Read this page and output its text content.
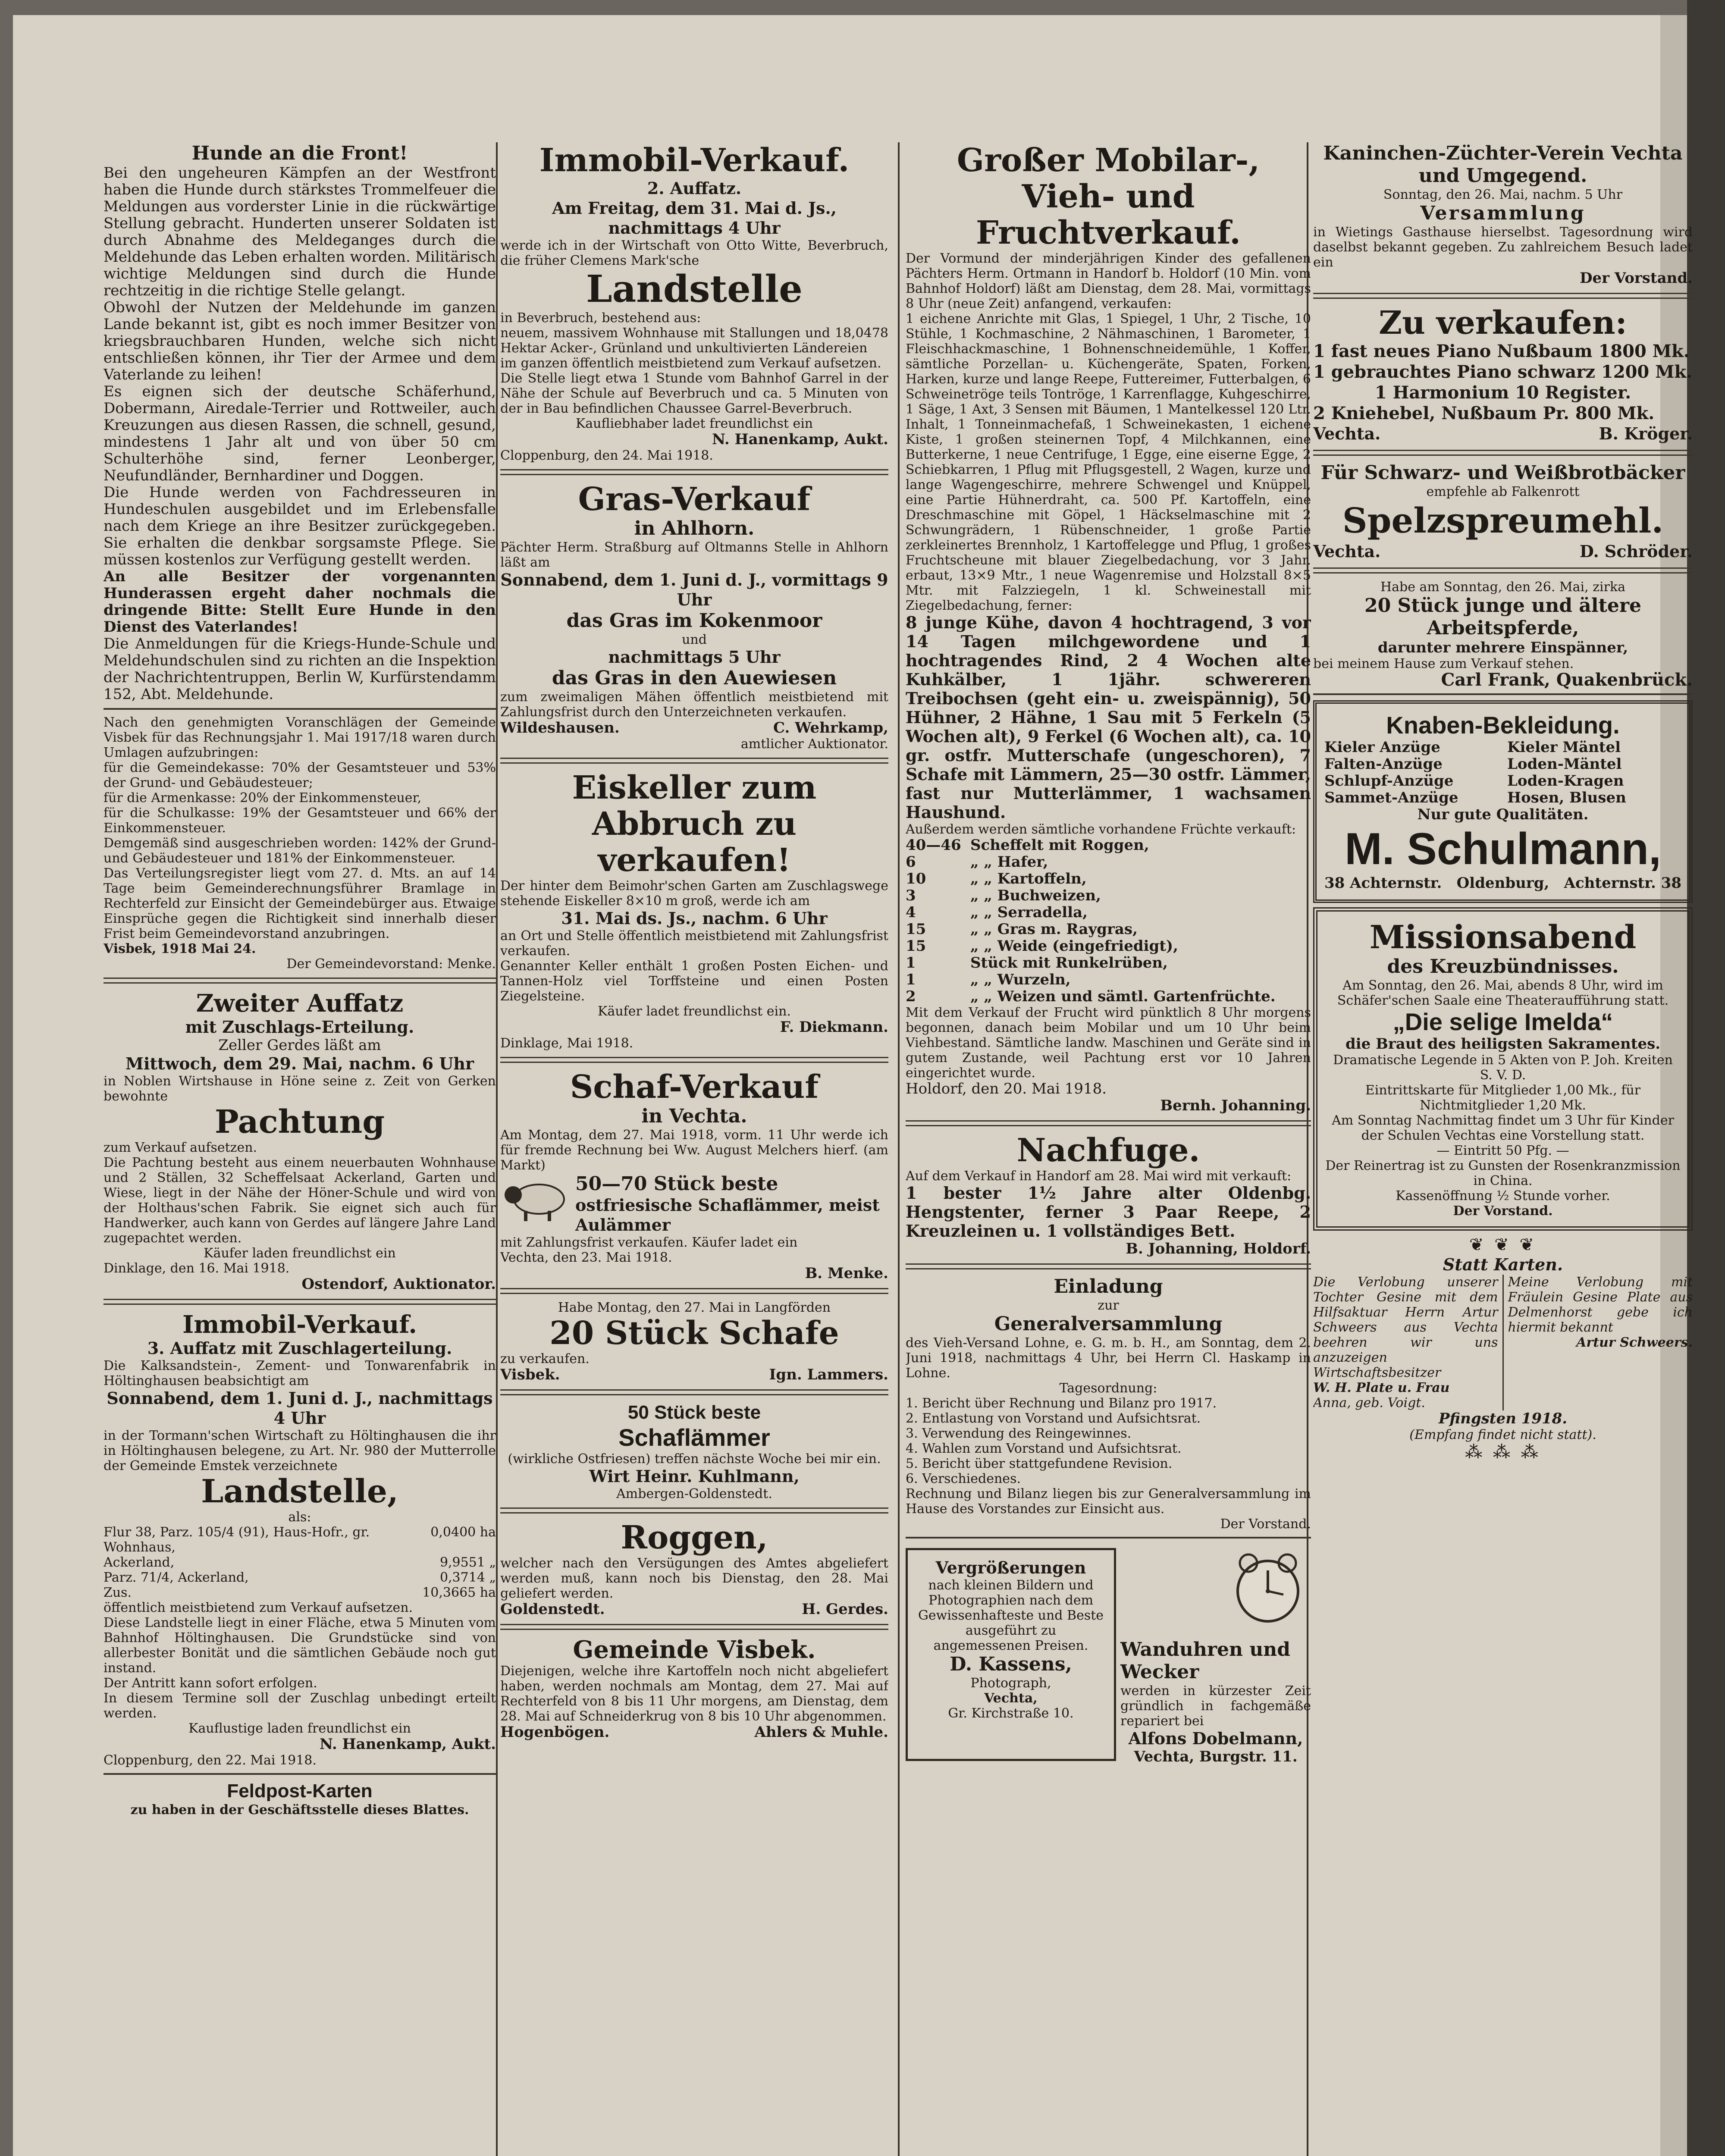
Hunde an die Front!

Bei den ungeheuren Kämpfen an der Westfront haben die Hunde durch stärkstes Trommelfeuer die Meldungen aus vorderster Linie in die rückwärtige Stellung gebracht. Hunderten unserer Soldaten ist durch Abnahme des Meldeganges durch die Meldehunde das Leben erhalten worden. Militärisch wichtige Meldungen sind durch die Hunde rechtzeitig in die richtige Stelle gelangt.

Obwohl der Nutzen der Meldehunde im ganzen Lande bekannt ist, gibt es noch immer Besitzer von kriegsbrauchbaren Hunden, welche sich nicht entschließen können, ihr Tier der Armee und dem Vaterlande zu leihen!

Es eignen sich der deutsche Schäferhund, Dobermann, Airedale-Terrier und Rottweiler, auch Kreuzungen aus diesen Rassen, die schnell, gesund, mindestens 1 Jahr alt und von über 50 cm Schulterhöhe sind, ferner Leonberger, Neufundländer, Bernhardiner und Doggen.

Die Hunde werden von Fachdresseuren in Hundeschulen ausgebildet und im Erlebensfalle nach dem Kriege an ihre Besitzer zurückgegeben. Sie erhalten die denkbar sorgsamste Pflege. Sie müssen kostenlos zur Verfügung gestellt werden.

An alle Besitzer der vorgenannten Hunderassen ergeht daher nochmals die dringende Bitte: Stellt Eure Hunde in den Dienst des Vaterlandes!

Die Anmeldungen für die Kriegs-Hunde-Schule und Meldehundschulen sind zu richten an die Inspektion der Nachrichtentruppen, Berlin W, Kurfürstendamm 152, Abt. Meldehunde.

Nach den genehmigten Voranschlägen der Gemeinde Visbek für das Rechnungsjahr 1. Mai 1917/18 waren durch Umlagen aufzubringen:

für die Gemeindekasse: 70% der Gesamtsteuer und 53% der Grund- und Gebäudesteuer;

für die Armenkasse: 20% der Einkommensteuer,

für die Schulkasse: 19% der Gesamtsteuer und 66% der Einkommensteuer.

Demgemäß sind ausgeschrieben worden: 142% der Grund- und Gebäudesteuer und 181% der Einkommensteuer.

Das Verteilungsregister liegt vom 27. d. Mts. an auf 14 Tage beim Gemeinderechnungsführer Bramlage in Rechterfeld zur Einsicht der Gemeindebürger aus. Etwaige Einsprüche gegen die Richtigkeit sind innerhalb dieser Frist beim Gemeindevorstand anzubringen.

Visbek, 1918 Mai 24.

Der Gemeindevorstand: Menke.

Zweiter Auffatz
mit Zuschlags-Erteilung.

Zeller Gerdes läßt am

Mittwoch, dem 29. Mai, nachm. 6 Uhr

in Noblen Wirtshause in Höne seine z. Zeit von Gerken bewohnte

Pachtung

zum Verkauf aufsetzen.

Die Pachtung besteht aus einem neuerbauten Wohnhause und 2 Ställen, 32 Scheffelsaat Ackerland, Garten und Wiese, liegt in der Nähe der Höner-Schule und wird von der Holthaus'schen Fabrik. Sie eignet sich auch für Handwerker, auch kann von Gerdes auf längere Jahre Land zugepachtet werden.

Käufer laden freundlichst ein

Dinklage, den 16. Mai 1918.

Ostendorf, Auktionator.

Immobil-Verkauf.
3. Auffatz mit Zuschlagerteilung.

Die Kalksandstein-, Zement- und Tonwarenfabrik in Höltinghausen beabsichtigt am

Sonnabend, dem 1. Juni d. J., nachmittags 4 Uhr

in der Tormann'schen Wirtschaft zu Höltinghausen die ihr in Höltinghausen belegene, zu Art. Nr. 980 der Mutterrolle der Gemeinde Emstek verzeichnete

Landstelle,

als:

Flur 38, Parz. 105/4 (91), Haus-Hofr., gr.	0,0400 ha
Wohnhaus,
Ackerland,	9,9551 „
Parz. 71/4, Ackerland,	0,3714 „
Zus.	10,3665 ha

öffentlich meistbietend zum Verkauf aufsetzen.

Diese Landstelle liegt in einer Fläche, etwa 5 Minuten vom Bahnhof Höltinghausen. Die Grundstücke sind von allerbester Bonität und die sämtlichen Gebäude noch gut instand.

Der Antritt kann sofort erfolgen.

In diesem Termine soll der Zuschlag unbedingt erteilt werden.

Kauflustige laden freundlichst ein

N. Hanenkamp, Aukt.

Cloppenburg, den 22. Mai 1918.

Feldpost-Karten

zu haben in der Geschäftsstelle dieses Blattes.

Immobil-Verkauf.
2. Auffatz.
Am Freitag, dem 31. Mai d. Js., nachmittags 4 Uhr

werde ich in der Wirtschaft von Otto Witte, Beverbruch, die früher Clemens Mark'sche

Landstelle

in Beverbruch, bestehend aus:

neuem, massivem Wohnhause mit Stallungen und 18,0478 Hektar Acker-, Grünland und unkultivierten Ländereien

im ganzen öffentlich meistbietend zum Verkauf aufsetzen.

Die Stelle liegt etwa 1 Stunde vom Bahnhof Garrel in der Nähe der Schule auf Beverbruch und ca. 5 Minuten von der in Bau befindlichen Chaussee Garrel-Beverbruch.

Kaufliebhaber ladet freundlichst ein

N. Hanenkamp, Aukt.

Cloppenburg, den 24. Mai 1918.

Gras-Verkauf
in Ahlhorn.

Pächter Herm. Straßburg auf Oltmanns Stelle in Ahlhorn läßt am

Sonnabend, dem 1. Juni d. J., vormittags 9 Uhr
das Gras im Kokenmoor

und

nachmittags 5 Uhr
das Gras in den Auewiesen

zum zweimaligen Mähen öffentlich meistbietend mit Zahlungsfrist durch den Unterzeichneten verkaufen.

Wildeshausen.	C. Wehrkamp,

amtlicher Auktionator.

Eiskeller zum Abbruch zu verkaufen!

Der hinter dem Beimohr'schen Garten am Zuschlagswege stehende Eiskeller 8×10 m groß, werde ich am

31. Mai ds. Js., nachm. 6 Uhr

an Ort und Stelle öffentlich meistbietend mit Zahlungsfrist verkaufen.

Genannter Keller enthält 1 großen Posten Eichen- und Tannen-Holz viel Torffsteine und einen Posten Ziegelsteine.

Käufer ladet freundlichst ein.

F. Diekmann.

Dinklage, Mai 1918.

Schaf-Verkauf
in Vechta.

Am Montag, dem 27. Mai 1918, vorm. 11 Uhr werde ich für fremde Rechnung bei Ww. August Melchers hierf. (am Markt)

50—70 Stück beste
ostfriesische Schaflämmer, meist Aulämmer

mit Zahlungsfrist verkaufen. Käufer ladet ein

Vechta, den 23. Mai 1918.

B. Menke.

Habe Montag, den 27. Mai in Langförden

20 Stück Schafe

zu verkaufen.

Visbek.	Ign. Lammers.
50 Stück beste
Schaflämmer

(wirkliche Ostfriesen) treffen nächste Woche bei mir ein.

Wirt Heinr. Kuhlmann,

Ambergen-Goldenstedt.

Roggen,

welcher nach den Versügungen des Amtes abgeliefert werden muß, kann noch bis Dienstag, den 28. Mai geliefert werden.

Goldenstedt.	H. Gerdes.
Gemeinde Visbek.

Diejenigen, welche ihre Kartoffeln noch nicht abgeliefert haben, werden nochmals am Montag, dem 27. Mai auf Rechterfeld von 8 bis 11 Uhr morgens, am Dienstag, dem 28. Mai auf Schneiderkrug von 8 bis 10 Uhr abgenommen.

Hogenbögen.	Ahlers & Muhle.
Großer Mobilar-, Vieh- und Fruchtverkauf.

Der Vormund der minderjährigen Kinder des gefallenen Pächters Herm. Ortmann in Handorf b. Holdorf (10 Min. vom Bahnhof Holdorf) läßt am Dienstag, dem 28. Mai, vormittags 8 Uhr (neue Zeit) anfangend, verkaufen:

1 eichene Anrichte mit Glas, 1 Spiegel, 1 Uhr, 2 Tische, 10 Stühle, 1 Kochmaschine, 2 Nähmaschinen, 1 Barometer, 1 Fleischhackmaschine, 1 Bohnenschneidemühle, 1 Koffer, sämtliche Porzellan- u. Küchengeräte, Spaten, Forken, Harken, kurze und lange Reepe, Futtereimer, Futterbalgen, 6 Schweinetröge teils Tontröge, 1 Karrenflagge, Kuhgeschirre, 1 Säge, 1 Axt, 3 Sensen mit Bäumen, 1 Mantelkessel 120 Ltr. Inhalt, 1 Tonneinmachefaß, 1 Schweinekasten, 1 eichene Kiste, 1 großen steinernen Topf, 4 Milchkannen, eine Butterkerne, 1 neue Centrifuge, 1 Egge, eine eiserne Egge, 2 Schiebkarren, 1 Pflug mit Pflugsgestell, 2 Wagen, kurze und lange Wagengeschirre, mehrere Schwengel und Knüppel, eine Partie Hühnerdraht, ca. 500 Pf. Kartoffeln, eine Dreschmaschine mit Göpel, 1 Häckselmaschine mit 2 Schwungrädern, 1 Rübenschneider, 1 große Partie zerkleinertes Brennholz, 1 Kartoffelegge und Pflug, 1 großes Fruchtscheune mit blauer Ziegelbedachung, vor 3 Jahr. erbaut, 13×9 Mtr., 1 neue Wagenremise und Holzstall 8×5 Mtr. mit Falzziegeln, 1 kl. Schweinestall mit Ziegelbedachung, ferner:

8 junge Kühe, davon 4 hochtragend, 3 vor 14 Tagen milchgewordene und 1 hochtragendes Rind, 2 4 Wochen alte Kuhkälber, 1 1jähr. schwereren Treibochsen (geht ein- u. zweispännig), 50 Hühner, 2 Hähne, 1 Sau mit 5 Ferkeln (5 Wochen alt), 9 Ferkel (6 Wochen alt), ca. 10 gr. ostfr. Mutterschafe (ungeschoren), 7 Schafe mit Lämmern, 25—30 ostfr. Lämmer, fast nur Mutterlämmer, 1 wachsamen Haushund.

Außerdem werden sämtliche vorhandene Früchte verkauft:

40—46 Scheffelt mit Roggen,
6	„ „ Hafer,
10	„ „ Kartoffeln,
3	„ „ Buchweizen,
4	„ „ Serradella,
15	„ „ Gras m. Raygras,
15	„ „ Weide (eingefriedigt),
1	Stück mit Runkelrüben,
1	„ „ Wurzeln,
2	„ „ Weizen und sämtl. Gartenfrüchte.

Mit dem Verkauf der Frucht wird pünktlich 8 Uhr morgens begonnen, danach beim Mobilar und um 10 Uhr beim Viehbestand. Sämtliche landw. Maschinen und Geräte sind in gutem Zustande, weil Pachtung erst vor 10 Jahren eingerichtet wurde.

Holdorf, den 20. Mai 1918.

Bernh. Johanning.

Nachfuge.

Auf dem Verkauf in Handorf am 28. Mai wird mit verkauft:

1 bester 1½ Jahre alter Oldenbg. Hengstenter, ferner 3 Paar Reepe, 2 Kreuzleinen u. 1 vollständiges Bett.

B. Johanning, Holdorf.

Einladung

zur

Generalversammlung

des Vieh-Versand Lohne, e. G. m. b. H., am Sonntag, dem 2. Juni 1918, nachmittags 4 Uhr, bei Herrn Cl. Haskamp in Lohne.

Tagesordnung:

1. Bericht über Rechnung und Bilanz pro 1917.

2. Entlastung von Vorstand und Aufsichtsrat.

3. Verwendung des Reingewinnes.

4. Wahlen zum Vorstand und Aufsichtsrat.

5. Bericht über stattgefundene Revision.

6. Verschiedenes.

Rechnung und Bilanz liegen bis zur Generalversammlung im Hause des Vorstandes zur Einsicht aus.

Der Vorstand.

Vergrößerungen

nach kleinen Bildern und Photographien nach dem Gewissenhafteste und Beste ausgeführt zu angemessenen Preisen.

D. Kassens,

Photograph,

Vechta,

Gr. Kirchstraße 10.

Wanduhren und Wecker

werden in kürzester Zeit gründlich in fachgemäße repariert bei

Alfons Dobelmann,

Vechta, Burgstr. 11.

Kaninchen-Züchter-Verein Vechta und Umgegend.

Sonntag, den 26. Mai, nachm. 5 Uhr

Versammlung

in Wietings Gasthause hierselbst. Tagesordnung wird daselbst bekannt gegeben. Zu zahlreichem Besuch ladet ein

Der Vorstand.

Zu verkaufen:

1 fast neues Piano Nußbaum 1800 Mk.

1 gebrauchtes Piano schwarz 1200 Mk.

1 Harmonium 10 Register.

2 Kniehebel, Nußbaum Pr. 800 Mk.

Vechta.	B. Kröger.
Für Schwarz- und Weißbrotbäcker

empfehle ab Falkenrott

Spelzspreumehl.
Vechta.	D. Schröder.

Habe am Sonntag, den 26. Mai, zirka

20 Stück junge und ältere Arbeitspferde,

darunter mehrere Einspänner,

bei meinem Hause zum Verkauf stehen.

Carl Frank, Quakenbrück.

Knaben-Bekleidung.

Kieler Anzüge	Kieler Mäntel

Falten-Anzüge	Loden-Mäntel

Schlupf-Anzüge	Loden-Kragen

Sammet-Anzüge	Hosen, Blusen

Nur gute Qualitäten.

M. Schulmann,
38 Achternstr. Oldenburg, Achternstr. 38
Missionsabend
des Kreuzbündnisses.

Am Sonntag, den 26. Mai, abends 8 Uhr, wird im Schäfer'schen Saale eine Theateraufführung statt.

„Die selige Imelda“

die Braut des heiligsten Sakramentes.

Dramatische Legende in 5 Akten von P. Joh. Kreiten S. V. D.

Eintrittskarte für Mitglieder 1,00 Mk., für Nichtmitglieder 1,20 Mk.

Am Sonntag Nachmittag findet um 3 Uhr für Kinder der Schulen Vechtas eine Vorstellung statt.

— Eintritt 50 Pfg. —

Der Reinertrag ist zu Gunsten der Rosenkranzmission in China.

Kassenöffnung ½ Stunde vorher.

Der Vorstand.

❦ ❦ ❦
Statt Karten.

Die Verlobung unserer Tochter Gesine mit dem Hilfsaktuar Herrn Artur Schweers aus Vechta beehren wir uns anzuzeigen

Wirtschaftsbesitzer

W. H. Plate u. Frau

Anna, geb. Voigt.

Meine Verlobung mit Fräulein Gesine Plate aus Delmenhorst gebe ich hiermit bekannt

Artur Schweers.

Pfingsten 1918.

(Empfang findet nicht statt).

⁂ ⁂ ⁂
